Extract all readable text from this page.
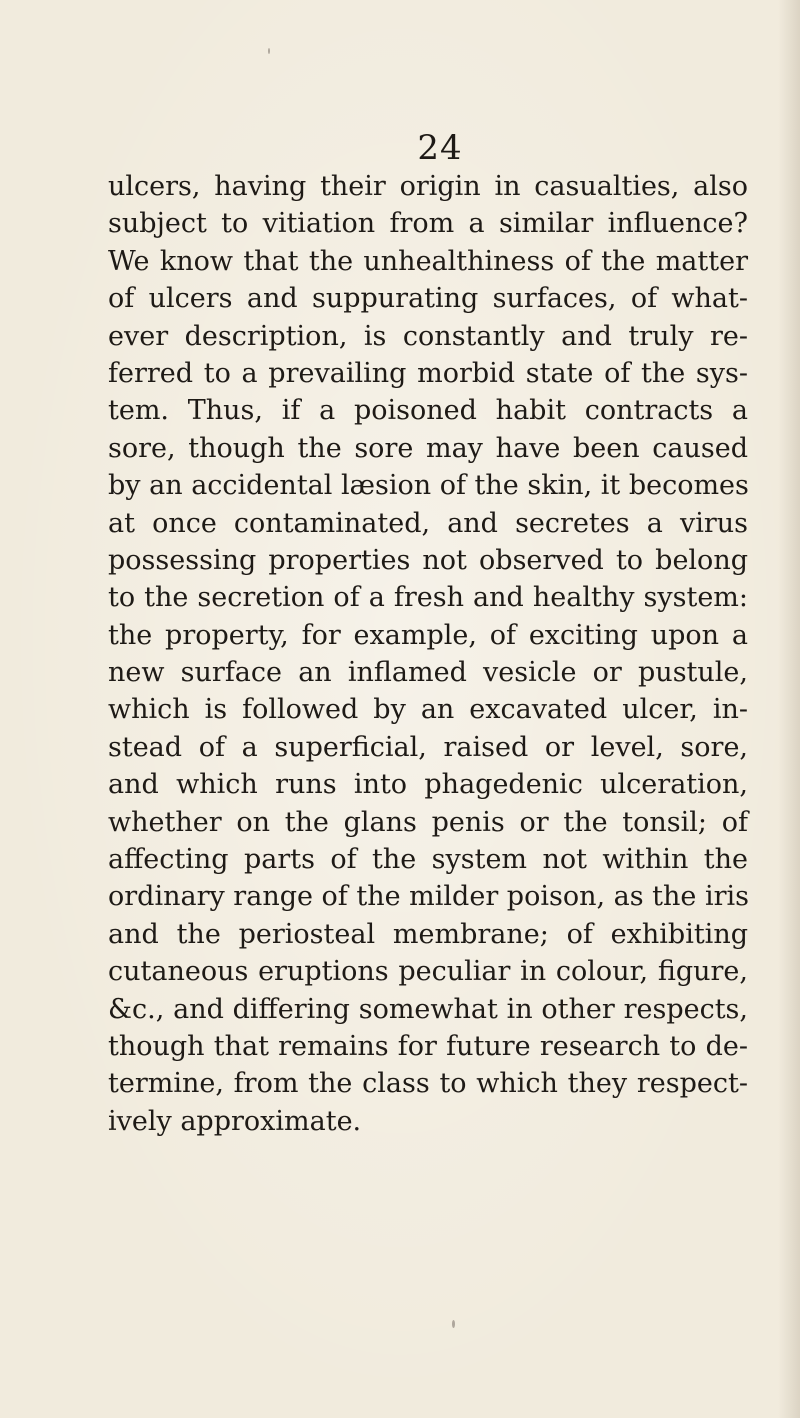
24
ulcers, having their origin in casualties, also
subject to vitiation from a similar influence?
We know that the unhealthiness of the matter
of ulcers and suppurating surfaces, of what-
ever description, is constantly and truly re-
ferred to a prevailing morbid state of the sys-
tem. Thus, if a poisoned habit contracts a
sore, though the sore may have been caused
by an accidental læsion of the skin, it becomes
at once contaminated, and secretes a virus
possessing properties not observed to belong
to the secretion of a fresh and healthy system:
the property, for example, of exciting upon a
new surface an inflamed vesicle or pustule,
which is followed by an excavated ulcer, in-
stead of a superficial, raised or level, sore,
and which runs into phagedenic ulceration,
whether on the glans penis or the tonsil; of
affecting parts of the system not within the
ordinary range of the milder poison, as the iris
and the periosteal membrane; of exhibiting
cutaneous eruptions peculiar in colour, figure,
&c., and differing somewhat in other respects,
though that remains for future research to de-
termine, from the class to which they respect-
ively approximate.
